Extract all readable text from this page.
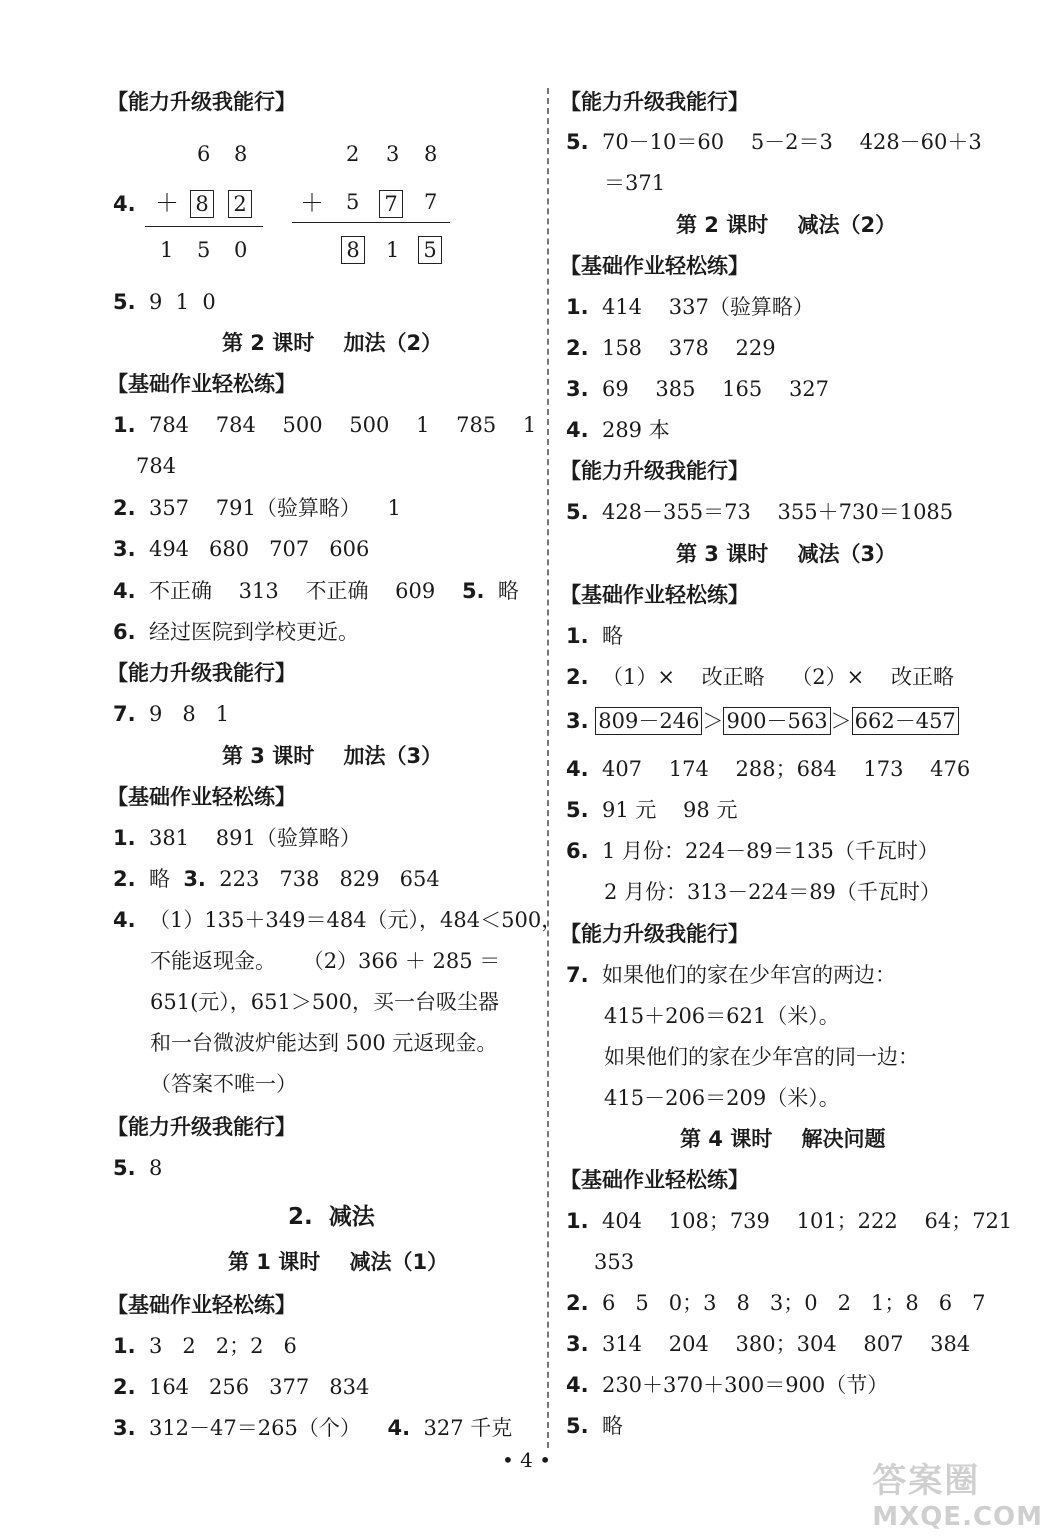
【能力升级我能行】
6 8
4. ＋ 8 2
1 5 0
2 3 8
＋ 5 7 7
8 1 5
5. 9  1  0
第 2 课时    加法（2）
【基础作业轻松练】
1. 784    784    500    500    1    785    1
784
2. 357    791（验算略）    1
3. 494   680   707   606
4. 不正确    313    不正确    609    5. 略
6. 经过医院到学校更近。
【能力升级我能行】
7. 9   8   1
第 3 课时    加法（3）
【基础作业轻松练】
1. 381    891（验算略）
2. 略  3. 223   738   829   654
4. （1）135＋349＝484（元），484＜500，
不能返现金。    （2）366 ＋ 285 ＝
651(元），651＞500，买一台吸尘器
和一台微波炉能达到 500 元返现金。
（答案不唯一）
【能力升级我能行】
5. 8
2.  减法
第 1 课时    减法（1）
【基础作业轻松练】
1. 3   2   2；2   6
2. 164   256   377   834
3. 312－47＝265（个）    4. 327 千克
【能力升级我能行】
5. 70－10＝60    5－2＝3    428－60＋3
＝371
第 2 课时    减法（2）
【基础作业轻松练】
1. 414    337（验算略）
2. 158    378    229
3. 69    385    165    327
4. 289 本
【能力升级我能行】
5. 428－355＝73    355＋730＝1085
第 3 课时    减法（3）
【基础作业轻松练】
1. 略
2. （1）×    改正略    （2）×    改正略
3. 809－246 ＞ 900－563 ＞ 662－457
4. 407    174    288；684    173    476
5. 91 元    98 元
6. 1 月份：224－89＝135（千瓦时）
2 月份：313－224＝89（千瓦时）
【能力升级我能行】
7. 如果他们的家在少年宫的两边：
415＋206＝621（米）。
如果他们的家在少年宫的同一边：
415－206＝209（米）。
第 4 课时    解决问题
【基础作业轻松练】
1. 404    108；739    101；222    64；721
353
2. 6   5   0；3   8   3；0   2   1；8   6   7
3. 314    204    380；304    807    384
4. 230＋370＋300＝900（节）
5. 略
• 4 •
答案圈
MXQE.COM
